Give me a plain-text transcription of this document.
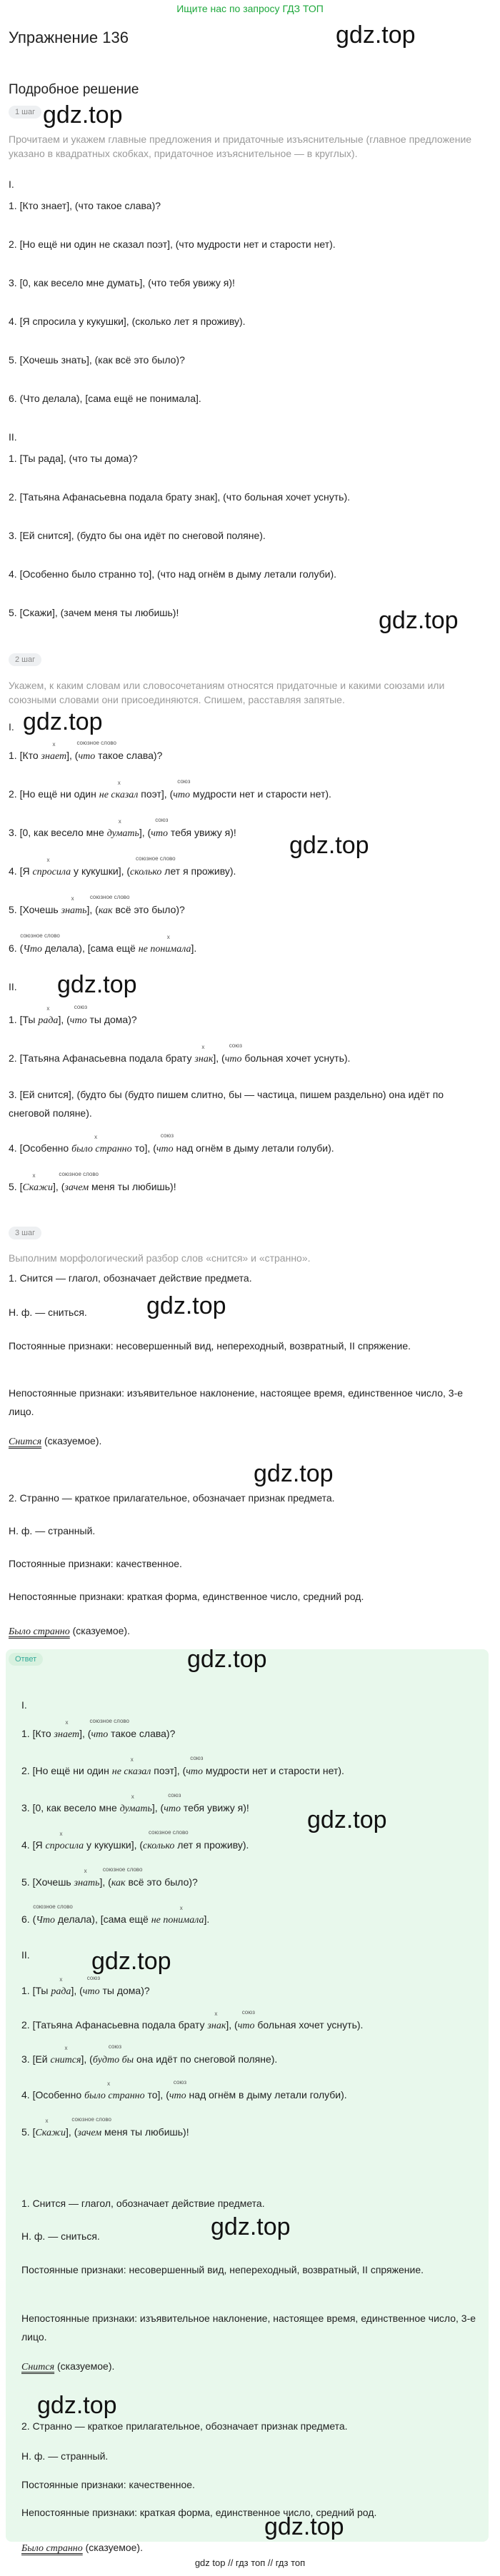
Ищите нас по запросу ГДЗ ТОП
Упражнение 136	gdz.top
Подробное решение
1 шаг gdz.top
Прочитаем и укажем главные предложения и придаточные изъяснительные (главное предложение указано в квадратных скобках, придаточное изъяснительное — в круглых).
I.
1. [Кто знает], (что такое слава)?
2. [Но ещё ни один не сказал поэт], (что мудрости нет и старости нет).
3. [0, как весело мне думать], (что тебя увижу я)!
4. [Я спросила у кукушки], (сколько лет я проживу).
5. [Хочешь знать], (как всё это было)?
6. (Что делала), [сама ещё не понимала].
II.
1. [Ты рада], (что ты дома)?
2. [Татьяна Афанасьевна подала брату знак], (что больная хочет уснуть).
3. [Ей снится], (будто бы она идёт по снеговой поляне).
4. [Особенно было странно то], (что над огнём в дыму летали голуби).
5. [Скажи], (зачем меня ты любишь)!	gdz.top
2 шаг
Укажем, к каким словам или словосочетаниям относятся придаточные и какими союзами или союзными словами они присоединяются. Спишем, расставляя запятые.
I. gdz.top
1. [Кто знает
х
], (что
союзное слово
такое слава)?
2. [Но ещё ни один не сказал
х
поэт], (что
союз
мудрости нет и старости нет).
3. [0, как весело мне думать
х
], (что
союз
тебя увижу я)!	gdz.top
4. [Я спросила
х
у кукушки], (сколько
союзное слово
лет я проживу).
5. [Хочешь знать
х
], (как
союзное слово
всё это было)?
6. (Что
союзное слово
делала), [сама ещё не понимала
х
].
II.	gdz.top
1. [Ты рада
х
], (что
союз
ты дома)?
2. [Татьяна Афанасьевна подала брату знак
х
], (что
союз
больная хочет уснуть).
3. [Ей снится], (будто бы (будто пишем слитно, бы — частица, пишем раздельно) она идёт по снеговой поляне).
4. [Особенно было странно
х
то], (что
союз
над огнём в дыму летали голуби).
5. [Скажи
х
], (зачем
союзное слово
меня ты любишь)!
3 шаг
Выполним морфологический разбор слов «снится» и «странно».
1. Снится — глагол, обозначает действие предмета.
gdz.top
Н. ф. — сниться.
Постоянные признаки: несовершенный вид, непереходный, возвратный, II спряжение.
Непостоянные признаки: изъявительное наклонение, настоящее время, единственное число, 3-е лицо.
Снится (сказуемое).
gdz.top
2. Странно — краткое прилагательное, обозначает признак предмета.
Н. ф. — странный.
Постоянные признаки: качественное.
Непостоянные признаки: краткая форма, единственное число, средний род.
Было странно (сказуемое).
Ответ	gdz.top
I.
1. [Кто знает
х
], (что
союзное слово
такое слава)?
2. [Но ещё ни один не сказал
х
поэт], (что
союз
мудрости нет и старости нет).
3. [0, как весело мне думать
х
], (что
союз
тебя увижу я)!	gdz.top
4. [Я спросила
х
у кукушки], (сколько
союзное слово
лет я проживу).
5. [Хочешь знать
х
], (как
союзное слово
всё это было)?
6. (Что
союзное слово
делала), [сама ещё не понимала
х
].
II.	gdz.top
1. [Ты рада
х
], (что
союз
ты дома)?
2. [Татьяна Афанасьевна подала брату знак
х
], (что
союз
больная хочет уснуть).
3. [Ей снится
х
], (будто бы
союз
она идёт по снеговой поляне).
4. [Особенно было странно
х
то], (что
союз
над огнём в дыму летали голуби).
5. [Скажи
х
], (зачем
союзное слово
меня ты любишь)!
1. Снится — глагол, обозначает действие предмета.
gdz.top
Н. ф. — сниться.
Постоянные признаки: несовершенный вид, непереходный, возвратный, II спряжение.
Непостоянные признаки: изъявительное наклонение, настоящее время, единственное число, 3-е лицо.
Снится (сказуемое).
gdz.top
2. Странно — краткое прилагательное, обозначает признак предмета.
Н. ф. — странный.
Постоянные признаки: качественное.
Непостоянные признаки: краткая форма, единственное число, средний род.
gdz.top
Было странно (сказуемое).
gdz top // гдз топ // гдз топ
